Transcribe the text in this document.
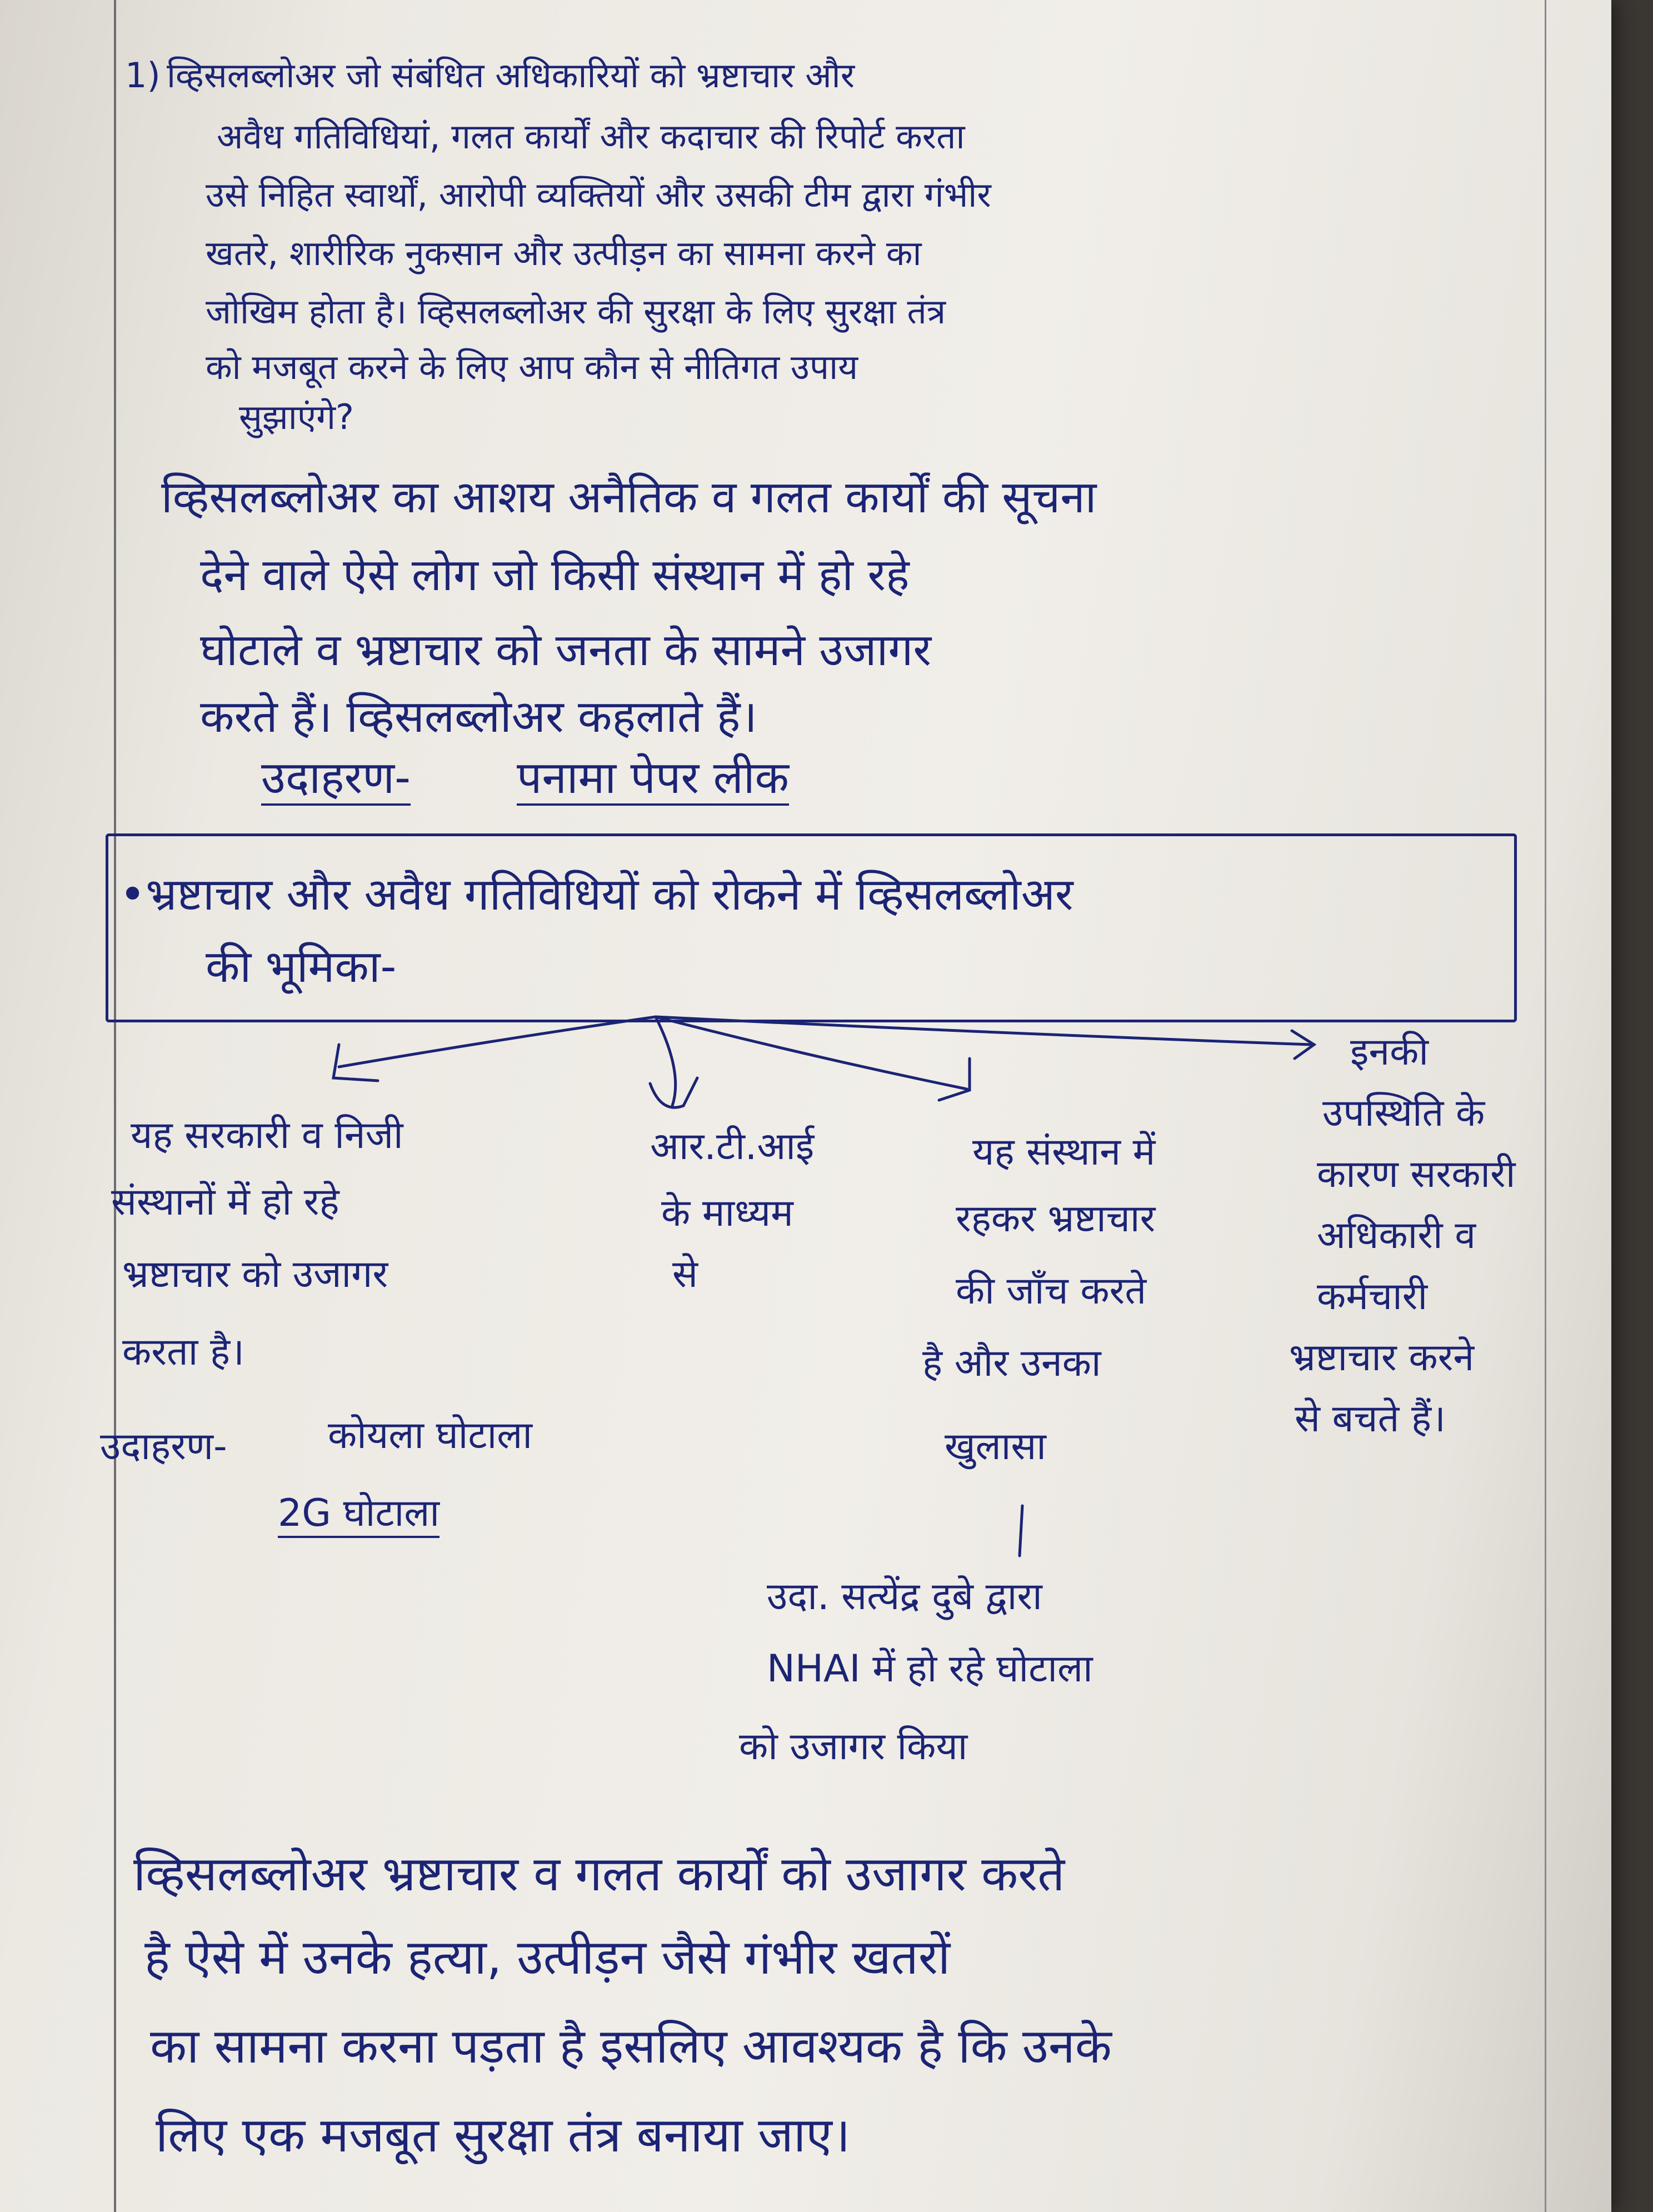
1) व्हिसलब्लोअर जो संबंधित अधिकारियों को भ्रष्टाचार और

अवैध गतिविधियां, गलत कार्यों और कदाचार की रिपोर्ट करता

उसे निहित स्वार्थों, आरोपी व्यक्तियों और उसकी टीम द्वारा गंभीर

खतरे, शारीरिक नुकसान और उत्पीड़न का सामना करने का

जोखिम होता है। व्हिसलब्लोअर की सुरक्षा के लिए सुरक्षा तंत्र

को मजबूत करने के लिए आप कौन से नीतिगत उपाय

सुझाएंगे?

व्हिसलब्लोअर का आशय अनैतिक व गलत कार्यों की सूचना

देने वाले ऐसे लोग जो किसी संस्थान में हो रहे

घोटाले व भ्रष्टाचार को जनता के सामने उजागर

करते हैं। व्हिसलब्लोअर कहलाते हैं।

उदाहरण- पनामा पेपर लीक

•भ्रष्टाचार और अवैध गतिविधियों को रोकने में व्हिसलब्लोअर

की भूमिका-

यह सरकारी व निजी

संस्थानों में हो रहे

भ्रष्टाचार को उजागर

करता है।

उदाहरण-	कोयला घोटाला

2G घोटाला

आर.टी.आई

के माध्यम

से

यह संस्थान में

रहकर भ्रष्टाचार

की जाँच करते

है और उनका

खुलासा

उदा. सत्येंद्र दुबे द्वारा

NHAI में हो रहे घोटाला

को उजागर किया

इनकी

उपस्थिति के

कारण सरकारी

अधिकारी व

कर्मचारी

भ्रष्टाचार करने

से बचते हैं।

व्हिसलब्लोअर भ्रष्टाचार व गलत कार्यों को उजागर करते

है ऐसे में उनके हत्या, उत्पीड़न जैसे गंभीर खतरों

का सामना करना पड़ता है इसलिए आवश्यक है कि उनके

लिए एक मजबूत सुरक्षा तंत्र बनाया जाए।
